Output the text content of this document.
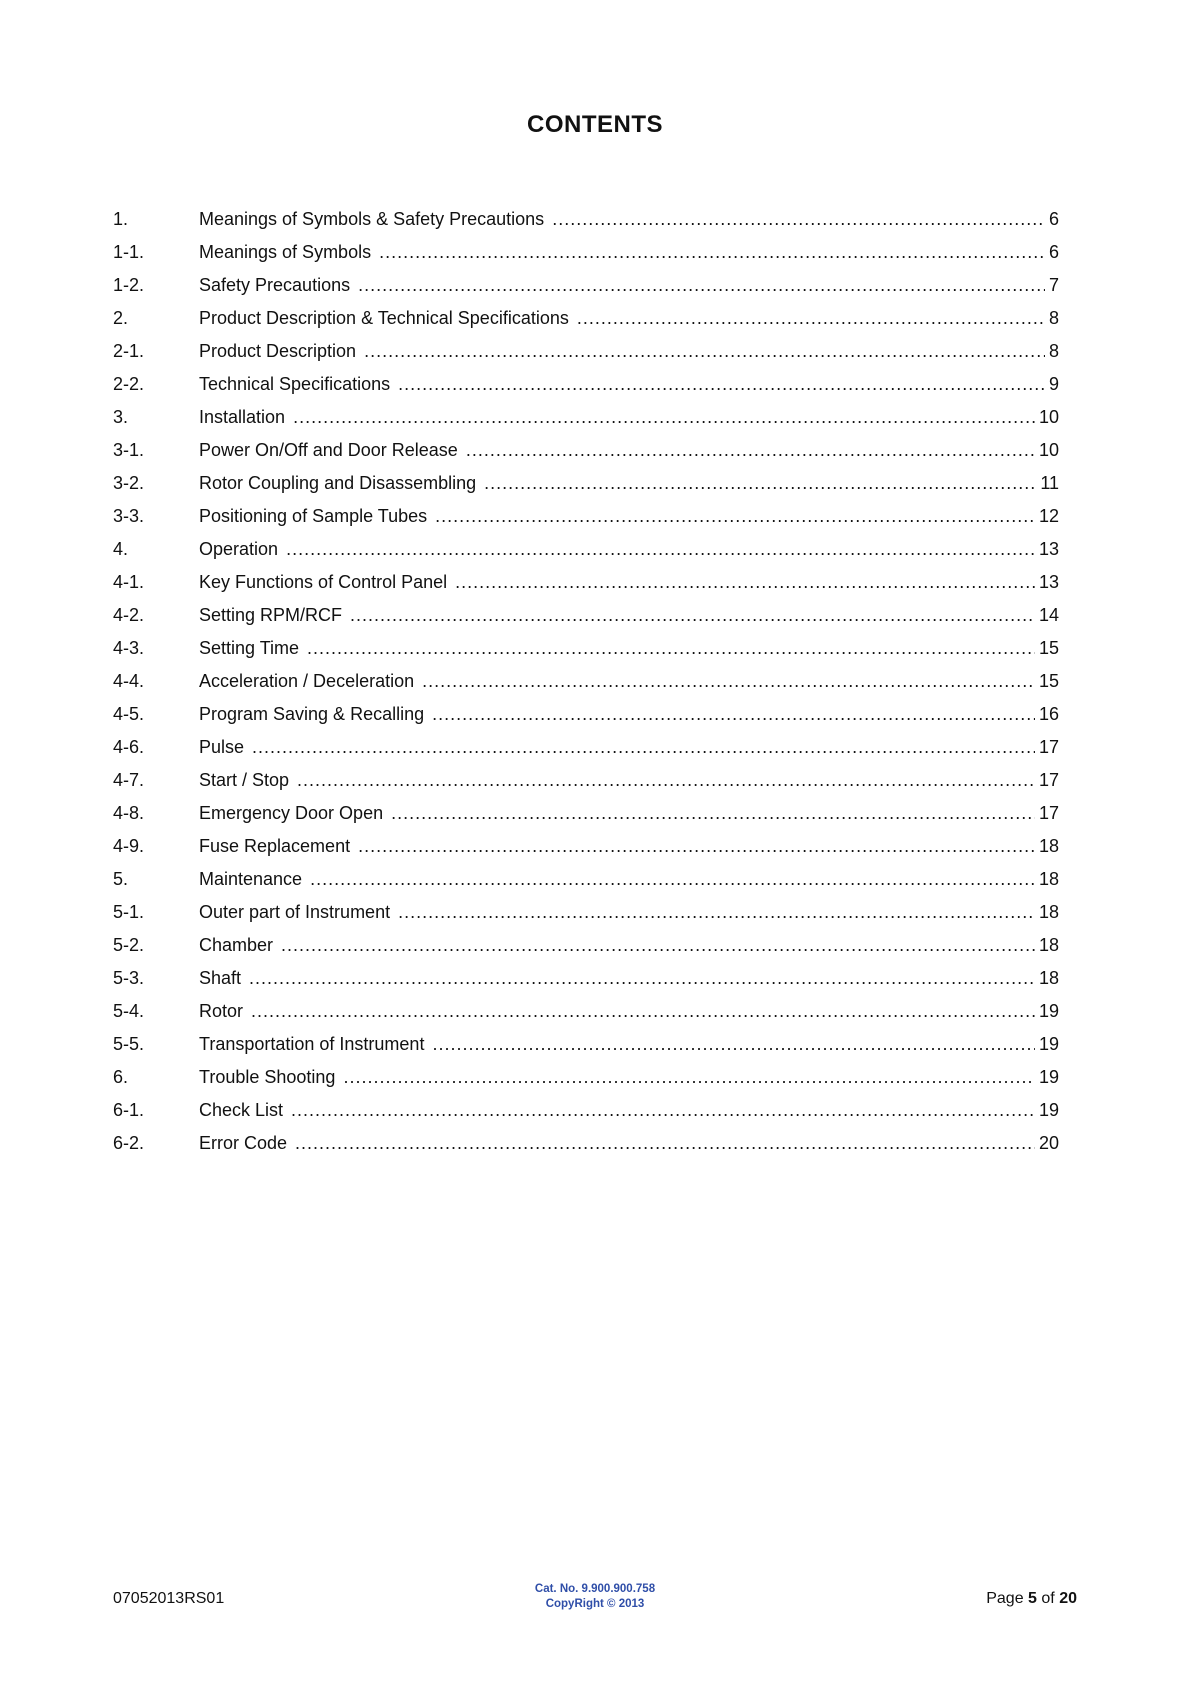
CONTENTS
1.	Meanings of Symbols & Safety Precautions .....	6
1-1.	Meanings of Symbols .....	6
1-2.	Safety Precautions .....	7
2.	Product Description & Technical Specifications .....	8
2-1.	Product Description .....	8
2-2.	Technical Specifications .....	9
3.	Installation .....	10
3-1.	Power On/Off and Door Release .....	10
3-2.	Rotor Coupling and Disassembling .....	11
3-3.	Positioning of Sample Tubes .....	12
4.	Operation .....	13
4-1.	Key Functions of Control Panel .....	13
4-2.	Setting RPM/RCF .....	14
4-3.	Setting Time .....	15
4-4.	Acceleration / Deceleration .....	15
4-5.	Program Saving & Recalling .....	16
4-6.	Pulse .....	17
4-7.	Start / Stop .....	17
4-8.	Emergency Door Open .....	17
4-9.	Fuse Replacement .....	18
5.	Maintenance .....	18
5-1.	Outer part of Instrument .....	18
5-2.	Chamber .....	18
5-3.	Shaft .....	18
5-4.	Rotor .....	19
5-5.	Transportation of Instrument .....	19
6.	Trouble Shooting .....	19
6-1.	Check List .....	19
6-2.	Error Code .....	20
07052013RS01
Cat. No. 9.900.900.758
CopyRight © 2013	Page 5 of 20
